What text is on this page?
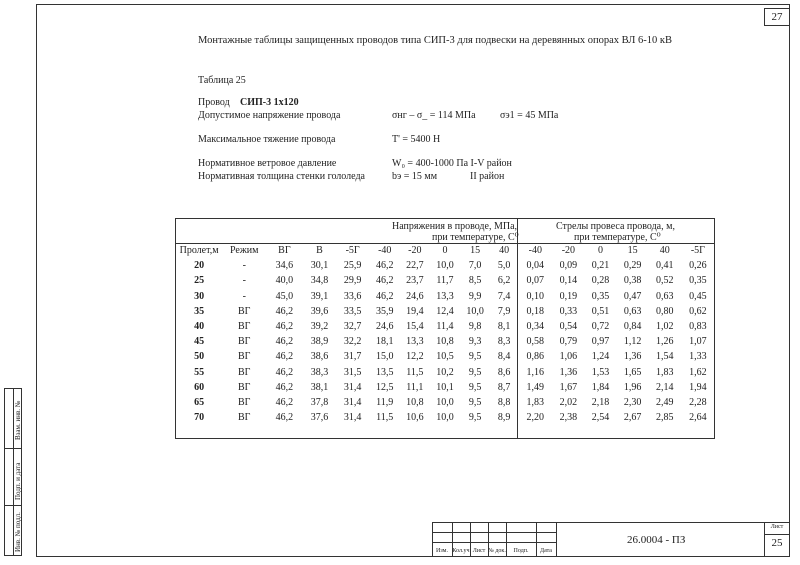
27
Взам. инв. №
Подп. и дата
Инв. № подл.
Монтажные таблицы защищенных проводов типа СИП-3 для подвески на деревянных опорах ВЛ 6-10 кВ
Таблица 25
Провод СИП-3 1х120
Допустимое напряжение провода	σнг – σ_ = 114 МПа σэ1 = 45 МПа
Максимальное тяжение провода	T' = 5400 Н
Нормативное ветровое давление	W₀ = 400-1000 Па I-V район
Нормативная толщина стенки гололеда	bэ = 15 мм	II район
Напряжения в проводе, МПа,
при температуре, С⁰
Стрелы провеса провода, м,
при температуре, С⁰
Пролет,м	Режим	ВГ	В	-5Г	-40	-20	0	15	40	-40	-20	0	15	40	-5Г
20	-	34,6	30,1	25,9	46,2	22,7	10,0	7,0	5,0	0,04	0,09	0,21	0,29	0,41	0,26
25	-	40,0	34,8	29,9	46,2	23,7	11,7	8,5	6,2	0,07	0,14	0,28	0,38	0,52	0,35
30	-	45,0	39,1	33,6	46,2	24,6	13,3	9,9	7,4	0,10	0,19	0,35	0,47	0,63	0,45
35	ВГ	46,2	39,6	33,5	35,9	19,4	12,4	10,0	7,9	0,18	0,33	0,51	0,63	0,80	0,62
40	ВГ	46,2	39,2	32,7	24,6	15,4	11,4	9,8	8,1	0,34	0,54	0,72	0,84	1,02	0,83
45	ВГ	46,2	38,9	32,2	18,1	13,3	10,8	9,3	8,3	0,58	0,79	0,97	1,12	1,26	1,07
50	ВГ	46,2	38,6	31,7	15,0	12,2	10,5	9,5	8,4	0,86	1,06	1,24	1,36	1,54	1,33
55	ВГ	46,2	38,3	31,5	13,5	11,5	10,2	9,5	8,6	1,16	1,36	1,53	1,65	1,83	1,62
60	ВГ	46,2	38,1	31,4	12,5	11,1	10,1	9,5	8,7	1,49	1,67	1,84	1,96	2,14	1,94
65	ВГ	46,2	37,8	31,4	11,9	10,8	10,0	9,5	8,8	1,83	2,02	2,18	2,30	2,49	2,28
70	ВГ	46,2	37,6	31,4	11,5	10,6	10,0	9,5	8,9	2,20	2,38	2,54	2,67	2,85	2,64
Изм. Кол.уч Лист № док.	Подп.	Дата
26.0004 - ПЗ
Лист
25
